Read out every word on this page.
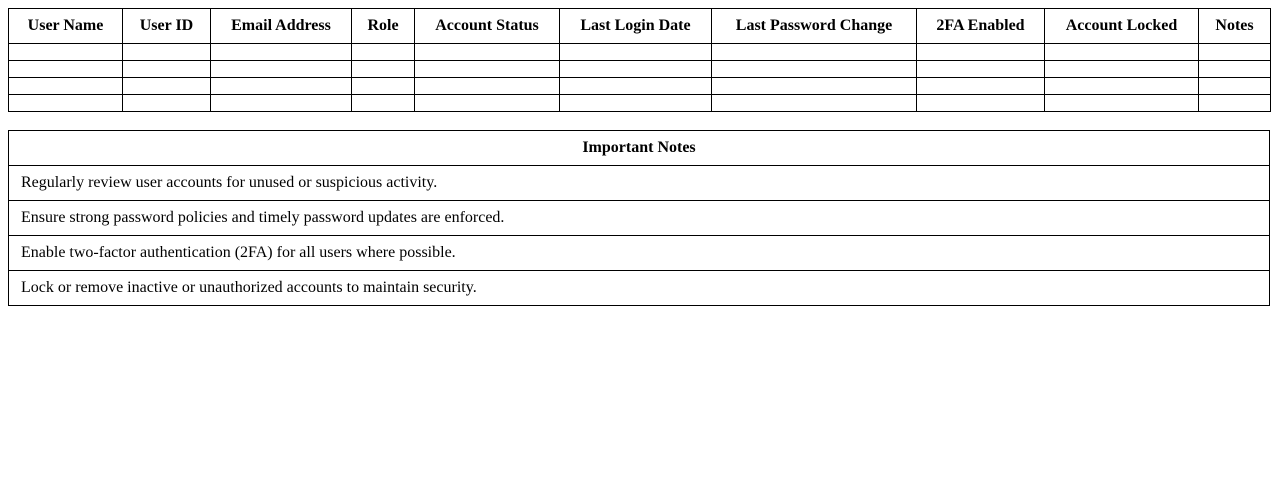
User Name	User ID	Email Address	Role	Account Status	Last Login Date	Last Password Change	2FA Enabled	Account Locked	Notes

Important Notes
Regularly review user accounts for unused or suspicious activity.
Ensure strong password policies and timely password updates are enforced.
Enable two-factor authentication (2FA) for all users where possible.
Lock or remove inactive or unauthorized accounts to maintain security.
